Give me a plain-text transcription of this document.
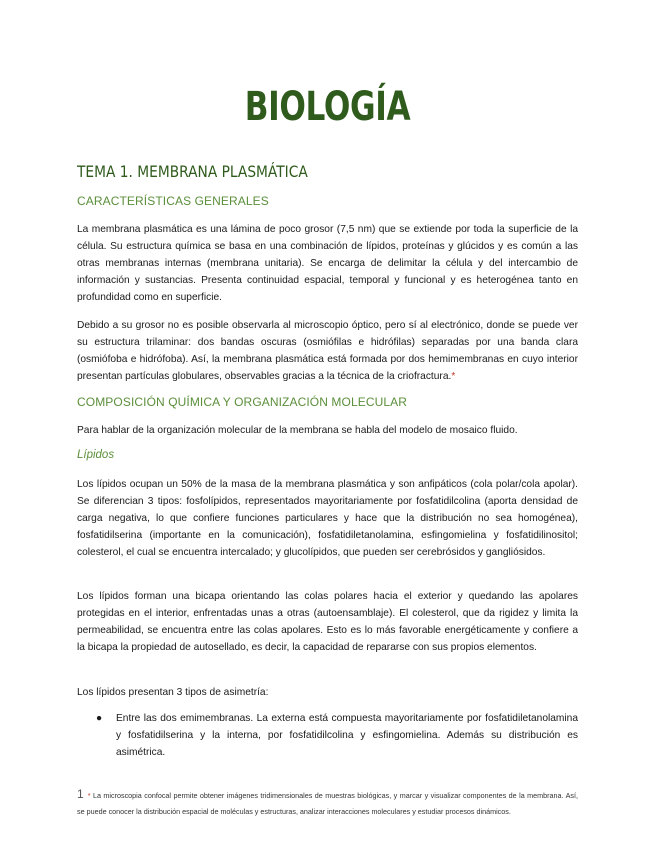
BIOLOGÍA
TEMA 1. MEMBRANA PLASMÁTICA
CARACTERÍSTICAS GENERALES

La membrana plasmática es una lámina de poco grosor (7,5 nm) que se extiende por toda la superficie de la célula. Su estructura química se basa en una combinación de lípidos, proteínas y glúcidos y es común a las otras membranas internas (membrana unitaria). Se encarga de delimitar la célula y del intercambio de información y sustancias. Presenta continuidad espacial, temporal y funcional y es heterogénea tanto en profundidad como en superficie.

Debido a su grosor no es posible observarla al microscopio óptico, pero sí al electrónico, donde se puede ver su estructura trilaminar: dos bandas oscuras (osmiófilas e hidrófilas) separadas por una banda clara (osmiófoba e hidrófoba). Así, la membrana plasmática está formada por dos hemimembranas en cuyo interior presentan partículas globulares, observables gracias a la técnica de la criofractura.*

COMPOSICIÓN QUÍMICA Y ORGANIZACIÓN MOLECULAR

Para hablar de la organización molecular de la membrana se habla del modelo de mosaico fluido.

Lípidos

Los lípidos ocupan un 50% de la masa de la membrana plasmática y son anfipáticos (cola polar/cola apolar). Se diferencian 3 tipos: fosfolípidos, representados mayoritariamente por fosfatidilcolina (aporta densidad de carga negativa, lo que confiere funciones particulares y hace que la distribución no sea homogénea), fosfatidilserina (importante en la comunicación), fosfatidiletanolamina, esfingomielina y fosfatidilinositol; colesterol, el cual se encuentra intercalado; y glucolípidos, que pueden ser cerebrósidos y gangliósidos.

Los lípidos forman una bicapa orientando las colas polares hacia el exterior y quedando las apolares protegidas en el interior, enfrentadas unas a otras (autoensamblaje). El colesterol, que da rigidez y limita la permeabilidad, se encuentra entre las colas apolares. Esto es lo más favorable energéticamente y confiere a la bicapa la propiedad de autosellado, es decir, la capacidad de repararse con sus propios elementos.

Los lípidos presentan 3 tipos de asimetría:

● Entre las dos emimembranas. La externa está compuesta mayoritariamente por fosfatidiletanolamina y fosfatidilserina y la interna, por fosfatidilcolina y esfingomielina. Además su distribución es asimétrica.
1 * La microscopia confocal permite obtener imágenes tridimensionales de muestras biológicas, y marcar y visualizar componentes de la membrana. Así, se puede conocer la distribución espacial de moléculas y estructuras, analizar interacciones moleculares y estudiar procesos dinámicos.
